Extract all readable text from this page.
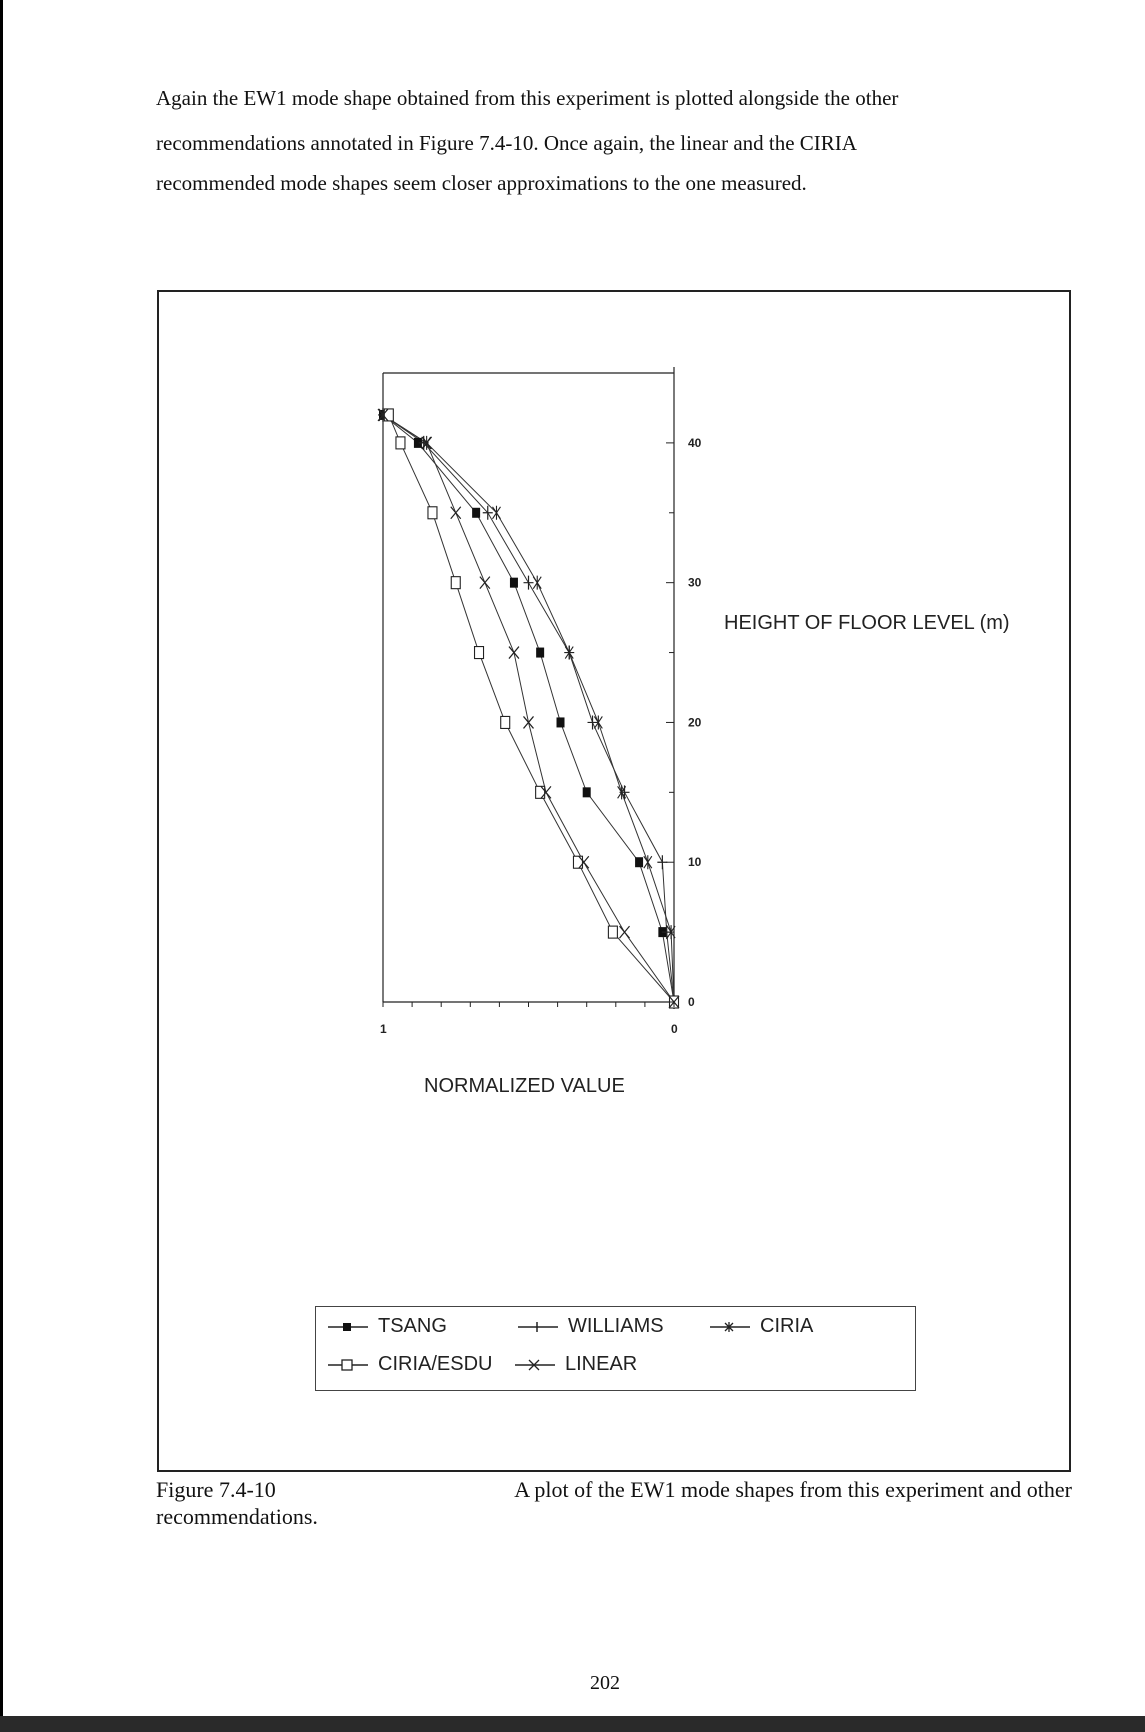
Again the EW1 mode shape obtained from this experiment is plotted alongside the other
recommendations annotated in Figure 7.4-10. Once again, the linear and the CIRIA
recommended mode shapes seem closer approximations to the one measured.
0
10
20
30
40
1	0
HEIGHT OF FLOOR LEVEL (m)
NORMALIZED VALUE
TSANG	WILLIAMS	CIRIA
CIRIA/ESDU	LINEAR
Figure 7.4-10	A plot of the EW1 mode shapes from this experiment and other
recommendations.
202
